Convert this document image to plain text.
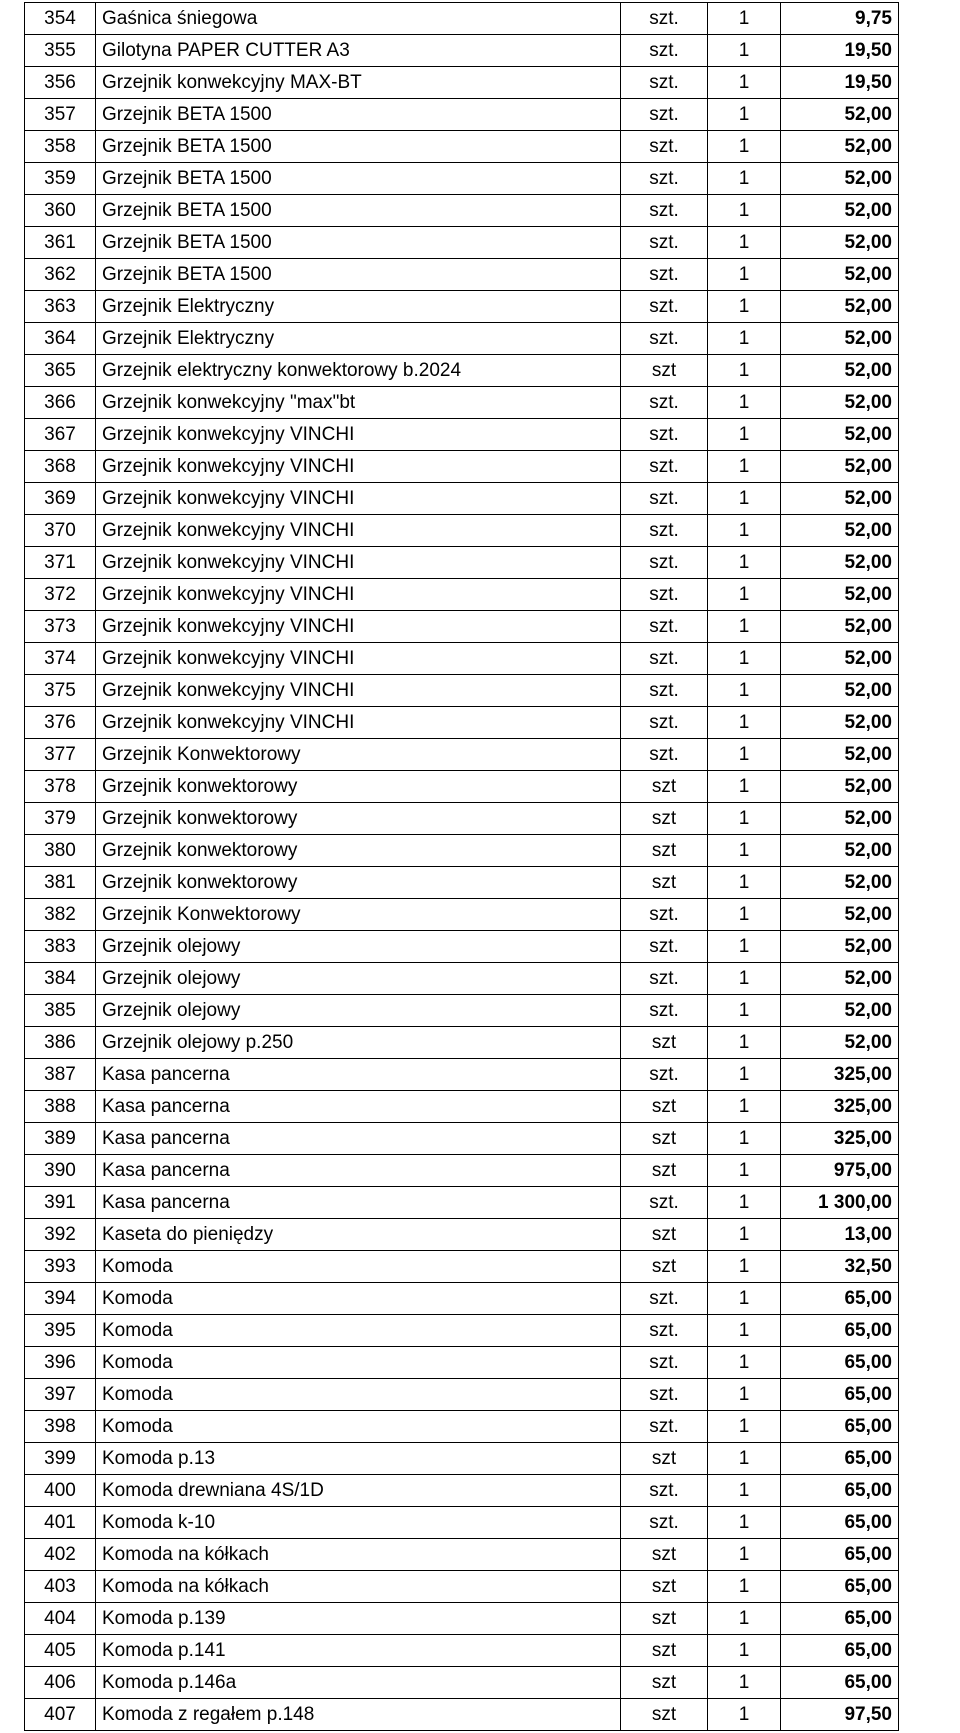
354	Gaśnica śniegowa	szt.	1	9,75
355	Gilotyna PAPER CUTTER A3	szt.	1	19,50
356	Grzejnik konwekcyjny MAX-BT	szt.	1	19,50
357	Grzejnik BETA 1500	szt.	1	52,00
358	Grzejnik BETA 1500	szt.	1	52,00
359	Grzejnik BETA 1500	szt.	1	52,00
360	Grzejnik BETA 1500	szt.	1	52,00
361	Grzejnik BETA 1500	szt.	1	52,00
362	Grzejnik BETA 1500	szt.	1	52,00
363	Grzejnik Elektryczny	szt.	1	52,00
364	Grzejnik Elektryczny	szt.	1	52,00
365	Grzejnik elektryczny konwektorowy b.2024	szt	1	52,00
366	Grzejnik konwekcyjny "max"bt	szt.	1	52,00
367	Grzejnik konwekcyjny VINCHI	szt.	1	52,00
368	Grzejnik konwekcyjny VINCHI	szt.	1	52,00
369	Grzejnik konwekcyjny VINCHI	szt.	1	52,00
370	Grzejnik konwekcyjny VINCHI	szt.	1	52,00
371	Grzejnik konwekcyjny VINCHI	szt.	1	52,00
372	Grzejnik konwekcyjny VINCHI	szt.	1	52,00
373	Grzejnik konwekcyjny VINCHI	szt.	1	52,00
374	Grzejnik konwekcyjny VINCHI	szt.	1	52,00
375	Grzejnik konwekcyjny VINCHI	szt.	1	52,00
376	Grzejnik konwekcyjny VINCHI	szt.	1	52,00
377	Grzejnik Konwektorowy	szt.	1	52,00
378	Grzejnik konwektorowy	szt	1	52,00
379	Grzejnik konwektorowy	szt	1	52,00
380	Grzejnik konwektorowy	szt	1	52,00
381	Grzejnik konwektorowy	szt	1	52,00
382	Grzejnik Konwektorowy	szt.	1	52,00
383	Grzejnik olejowy	szt.	1	52,00
384	Grzejnik olejowy	szt.	1	52,00
385	Grzejnik olejowy	szt.	1	52,00
386	Grzejnik olejowy p.250	szt	1	52,00
387	Kasa pancerna	szt.	1	325,00
388	Kasa pancerna	szt	1	325,00
389	Kasa pancerna	szt	1	325,00
390	Kasa pancerna	szt	1	975,00
391	Kasa pancerna	szt.	1	1 300,00
392	Kaseta do pieniędzy	szt	1	13,00
393	Komoda	szt	1	32,50
394	Komoda	szt.	1	65,00
395	Komoda	szt.	1	65,00
396	Komoda	szt.	1	65,00
397	Komoda	szt.	1	65,00
398	Komoda	szt.	1	65,00
399	Komoda p.13	szt	1	65,00
400	Komoda drewniana 4S/1D	szt.	1	65,00
401	Komoda k-10	szt.	1	65,00
402	Komoda na kółkach	szt	1	65,00
403	Komoda na kółkach	szt	1	65,00
404	Komoda p.139	szt	1	65,00
405	Komoda p.141	szt	1	65,00
406	Komoda p.146a	szt	1	65,00
407	Komoda z regałem p.148	szt	1	97,50
